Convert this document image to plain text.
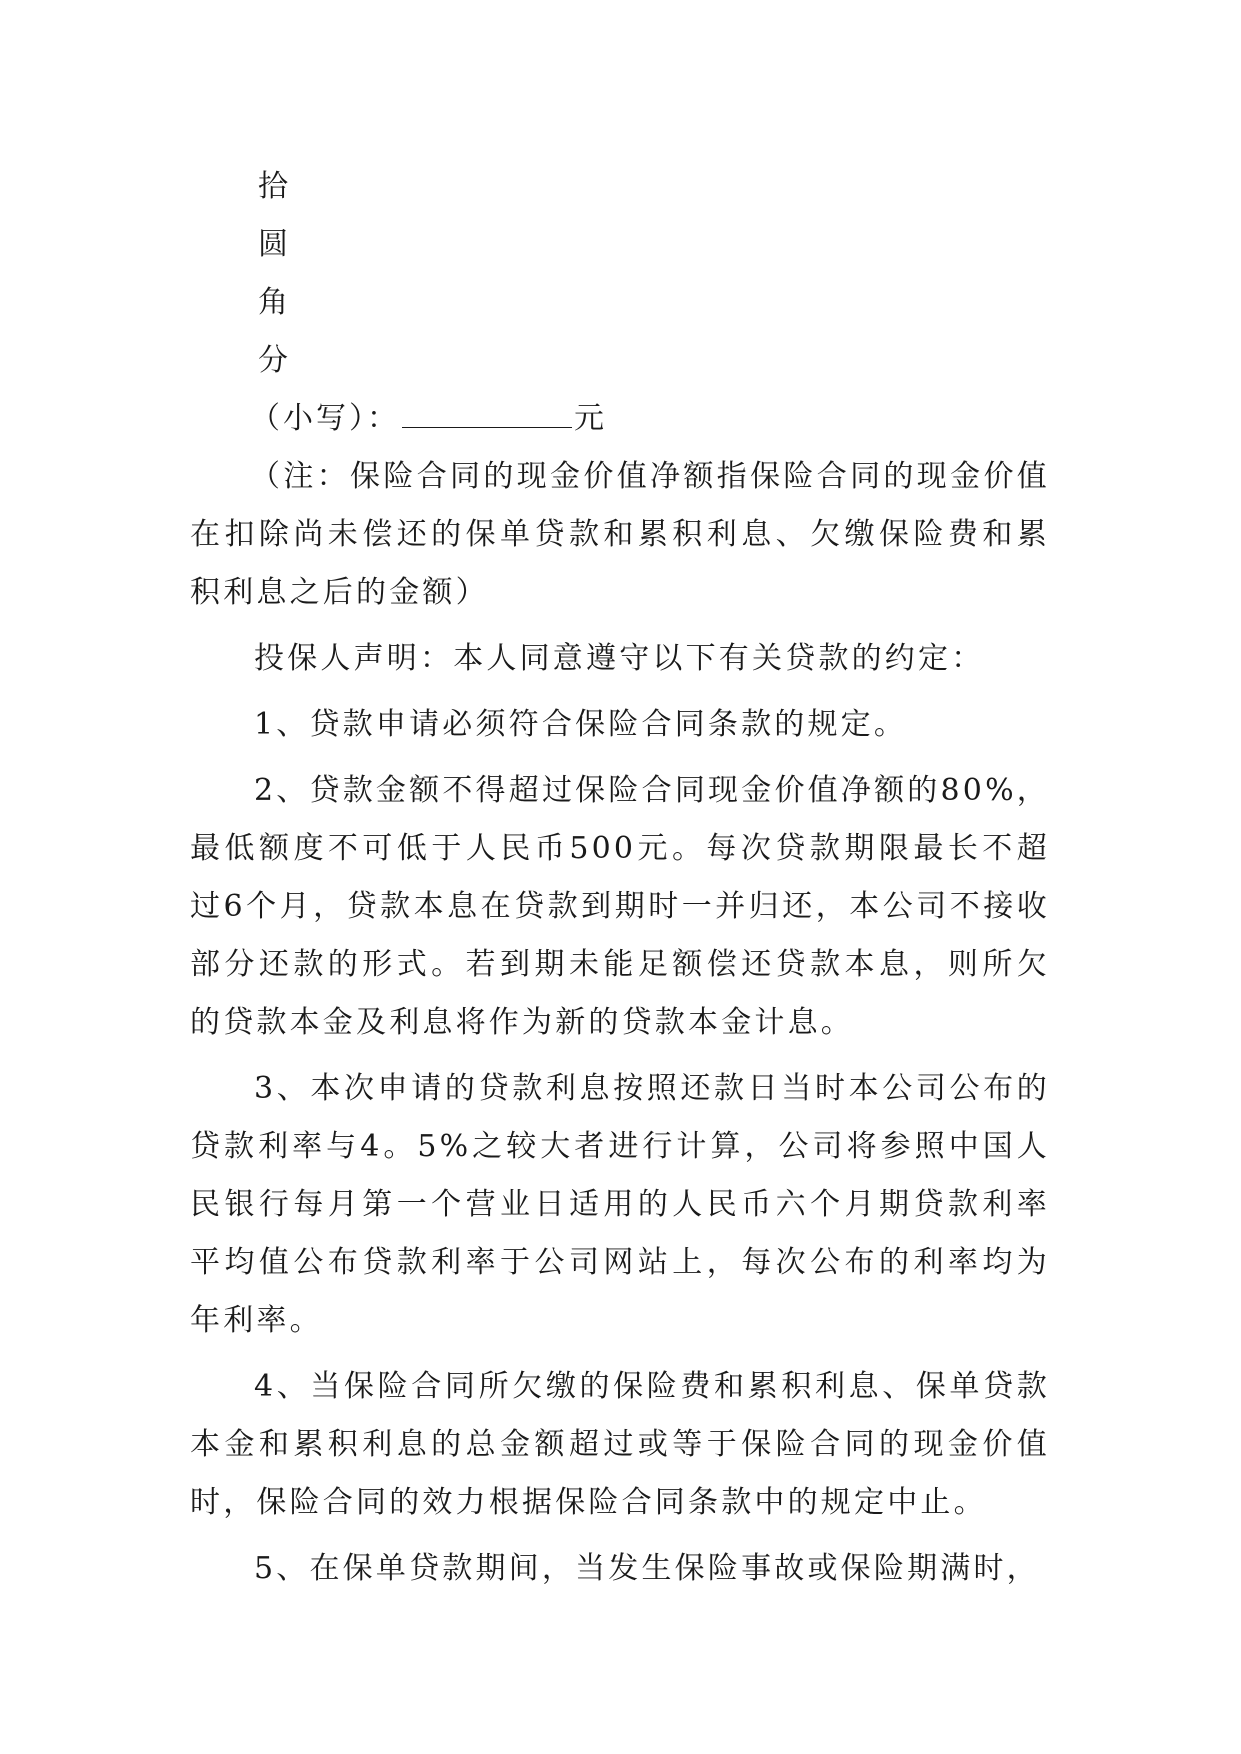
拾
圆
角
分
（小写）：	元

（注：保险合同的现金价值净额指保险合同的现金价值在扣除尚未偿还的保单贷款和累积利息、欠缴保险费和累积利息之后的金额）

投保人声明：本人同意遵守以下有关贷款的约定：

1、贷款申请必须符合保险合同条款的规定。

2、贷款金额不得超过保险合同现金价值净额的80%，最低额度不可低于人民币500元。每次贷款期限最长不超过6个月，贷款本息在贷款到期时一并归还，本公司不接收部分还款的形式。若到期未能足额偿还贷款本息，则所欠的贷款本金及利息将作为新的贷款本金计息。

3、本次申请的贷款利息按照还款日当时本公司公布的贷款利率与4。5%之较大者进行计算，公司将参照中国人民银行每月第一个营业日适用的人民币六个月期贷款利率平均值公布贷款利率于公司网站上，每次公布的利率均为年利率。

4、当保险合同所欠缴的保险费和累积利息、保单贷款本金和累积利息的总金额超过或等于保险合同的现金价值时，保险合同的效力根据保险合同条款中的规定中止。

5、在保单贷款期间，当发生保险事故或保险期满时，
